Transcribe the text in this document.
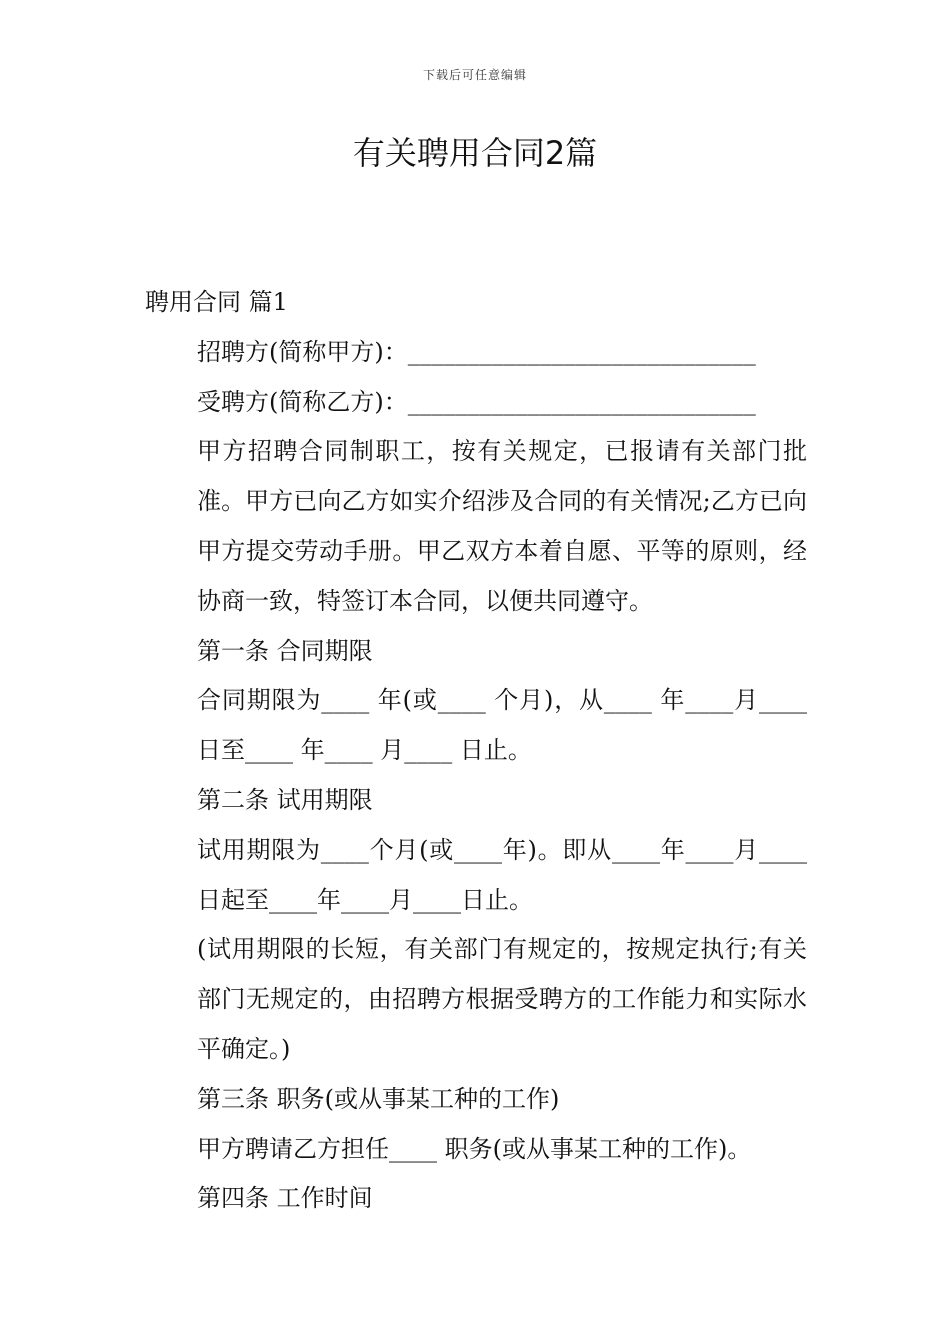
下载后可任意编辑
有关聘用合同2篇

聘用合同 篇1

招聘方(简称甲方)：_____________________________

受聘方(简称乙方)：_____________________________

甲方招聘合同制职工，按有关规定，已报请有关部门批准。甲方已向乙方如实介绍涉及合同的有关情况;乙方已向甲方提交劳动手册。甲乙双方本着自愿、平等的原则，经协商一致，特签订本合同，以便共同遵守。

第一条 合同期限

合同期限为____ 年(或____ 个月)，从____ 年____月____ 日至____ 年____ 月____ 日止。

第二条 试用期限

试用期限为____个月(或____年)。即从____年____月____日起至____年____月____日止。

(试用期限的长短，有关部门有规定的，按规定执行;有关部门无规定的，由招聘方根据受聘方的工作能力和实际水平确定。)

第三条 职务(或从事某工种的工作)

甲方聘请乙方担任____ 职务(或从事某工种的工作)。

第四条 工作时间
